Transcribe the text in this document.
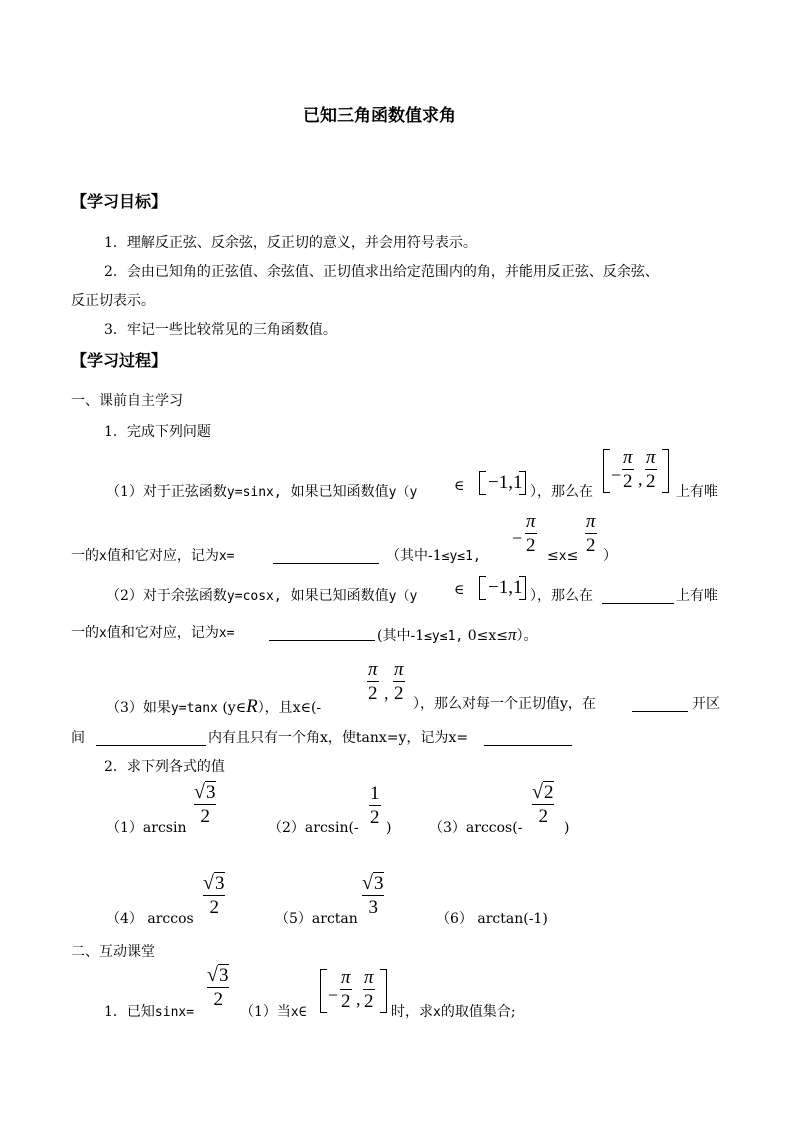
已知三角函数值求角
【学习目标】
1．理解反正弦、反余弦，反正切的意义，并会用符号表示。
2．会由已知角的正弦值、余弦值、正切值求出给定范围内的角，并能用反正弦、反余弦、
反正切表示。
3．牢记一些比较常见的三角函数值。
【学习过程】
一、课前自主学习
1．完成下列问题
（1）对于正弦函数y=sinx, 如果已知函数值y（y	∈ −1,1 ），那么在
−
π
2 ,
π
2 上有唯
一的x值和它对应，记为x=	（其中-1≤y≤1,
−
π
2 ≤x≤
π
2 ）
（2）对于余弦函数y=cosx, 如果已知函数值y（y	∈ −1,1 ），那么在	上有唯
一的x值和它对应，记为x=	(其中-1≤y≤1, 0≤x≤π）。
（3）如果y=tanx (y∈R），且x∈(-
π
2 ,
π
2 ），那么对每一个正切值y，在	开区
间	内有且只有一个角x，使tanx=y，记为x=
2．求下列各式的值
（1）arcsin
√ 3
2
（2）arcsin(-
1
2 )	（3）arccos(-
√ 2
2
)
（4） arccos
√ 3
2
（5）arctan
√ 3
3
（6） arctan(-1)
二、互动课堂
1．已知sinx=
√ 3
2
（1）当x∈
−
π
2 ,
π
2 时，求x的取值集合;
